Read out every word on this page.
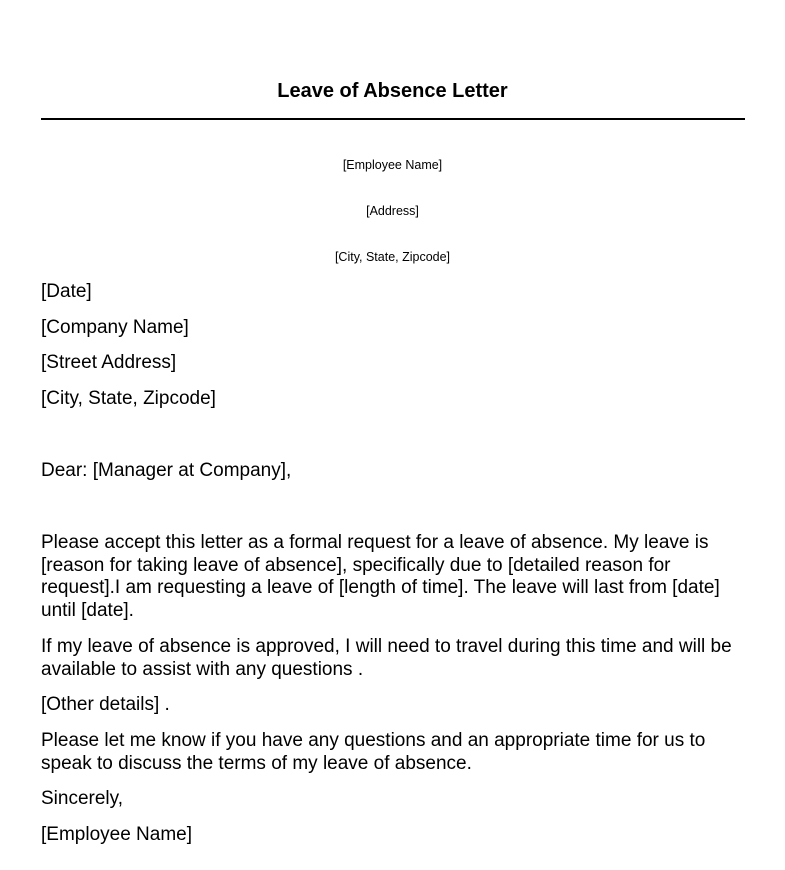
Leave of Absence Letter
[Employee Name]
[Address]
[City, State, Zipcode]
[Date]
[Company Name]
[Street Address]
[City, State, Zipcode]
Dear: [Manager at Company],
Please accept this letter as a formal request for a leave of absence. My leave is [reason for taking leave of absence], specifically due to [detailed reason for request].I am requesting a leave of [length of time]. The leave will last from [date] until [date].
If my leave of absence is approved, I will need to travel during this time and will be available to assist with any questions .
[Other details] .
Please let me know if you have any questions and an appropriate time for us to speak to discuss the terms of my leave of absence.
Sincerely,
[Employee Name]
